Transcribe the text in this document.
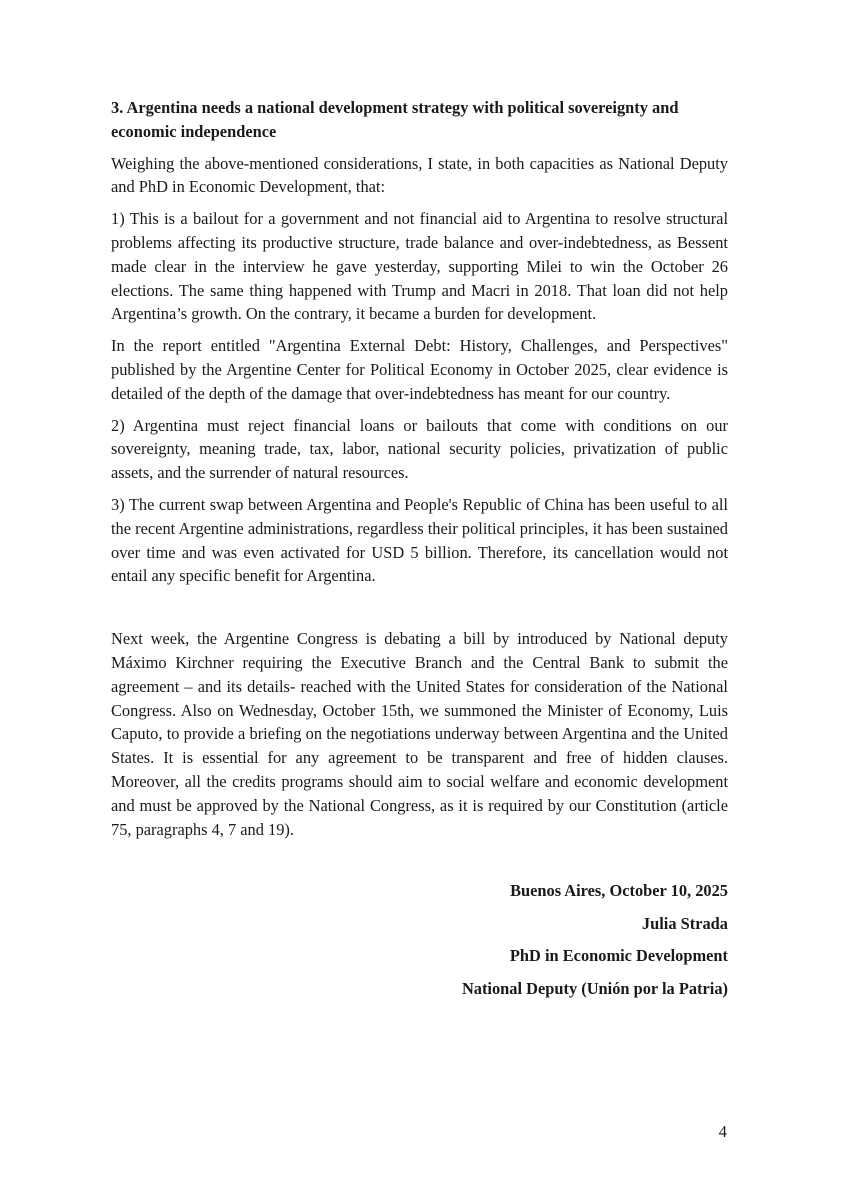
3. Argentina needs a national development strategy with political sovereignty and economic independence

Weighing the above-mentioned considerations, I state, in both capacities as National Deputy and PhD in Economic Development, that:

1) This is a bailout for a government and not financial aid to Argentina to resolve structural problems affecting its productive structure, trade balance and over-indebtedness, as Bessent made clear in the interview he gave yesterday, supporting Milei to win the October 26 elections. The same thing happened with Trump and Macri in 2018. That loan did not help Argentina’s growth. On the contrary, it became a burden for development.

In the report entitled "Argentina External Debt: History, Challenges, and Perspectives" published by the Argentine Center for Political Economy in October 2025, clear evidence is detailed of the depth of the damage that over-indebtedness has meant for our country.

2) Argentina must reject financial loans or bailouts that come with conditions on our sovereignty, meaning trade, tax, labor, national security policies, privatization of public assets, and the surrender of natural resources.

3) The current swap between Argentina and People's Republic of China has been useful to all the recent Argentine administrations, regardless their political principles, it has been sustained over time and was even activated for USD 5 billion. Therefore, its cancellation would not entail any specific benefit for Argentina.

Next week, the Argentine Congress is debating a bill by introduced by National deputy Máximo Kirchner requiring the Executive Branch and the Central Bank to submit the agreement – and its details- reached with the United States for consideration of the National Congress. Also on Wednesday, October 15th, we summoned the Minister of Economy, Luis Caputo, to provide a briefing on the negotiations underway between Argentina and the United States. It is essential for any agreement to be transparent and free of hidden clauses. Moreover, all the credits programs should aim to social welfare and economic development and must be approved by the National Congress, as it is required by our Constitution (article 75, paragraphs 4, 7 and 19).

Buenos Aires, October 10, 2025
Julia Strada
PhD in Economic Development
National Deputy (Unión por la Patria)
4
